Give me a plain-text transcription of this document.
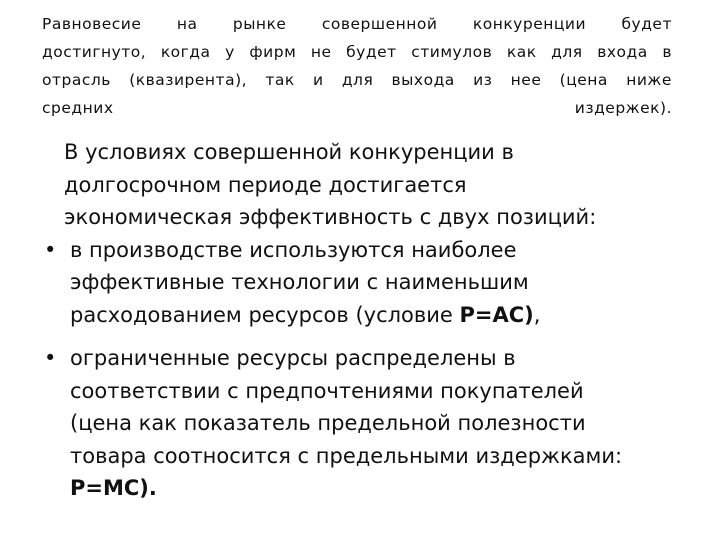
Равновесие на рынке совершенной конкуренции будет
достигнуто, когда у фирм не будет стимулов как для входа в
отрасль (квазирента), так и для выхода из нее (цена ниже
средних	издержек).
В условиях совершенной конкуренции в
долгосрочном периоде достигается
экономическая эффективность с двух позиций:
• в производстве используются наиболее
эффективные технологии с наименьшим
расходованием ресурсов (условие Р=АС),
• ограниченные ресурсы распределены в
соответствии с предпочтениями покупателей
(цена как показатель предельной полезности
товара соотносится с предельными издержками:
Р=МС).
